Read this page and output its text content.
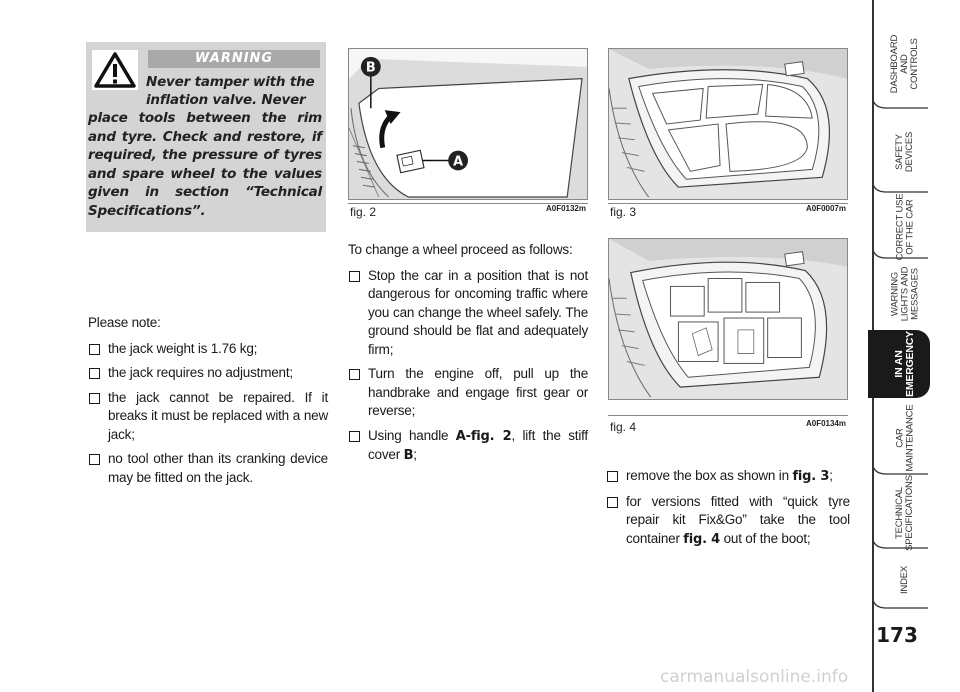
WARNING
Never tamper with the inflation valve. Never
place tools between the rim and tyre. Check and restore, if required, the pressure of tyres and spare wheel to the values given in section “Technical Specifications”.
Please note:
the jack weight is 1.76 kg;
the jack requires no adjustment;
the jack cannot be repaired. If it breaks it must be replaced with a new jack;
no tool other than its cranking device may be fitted on the jack.
B
A
fig. 2	A0F0132m fig. 3	A0F0007m
fig. 4	A0F0134m
To change a wheel proceed as follows:
Stop the car in a position that is not dangerous for oncoming traffic where you can change the wheel safely. The ground should be flat and adequately firm;
Turn the engine off, pull up the handbrake and engage first gear or reverse;
Using handle A-fig. 2, lift the stiff cover B;
remove the box as shown in fig. 3;
for versions fitted with “quick tyre repair kit Fix&Go” take the tool container fig. 4 out of the boot;
DASHBOARD
AND
CONTROLS
SAFETY
DEVICES
CORRECT USE
OF THE CAR
WARNING
LIGHTS AND
MESSAGES
IN AN
EMERGENCY
CAR
MAINTENANCE
TECHNICAL
SPECIFICATIONS
INDEX
173
carmanualsonline.info
